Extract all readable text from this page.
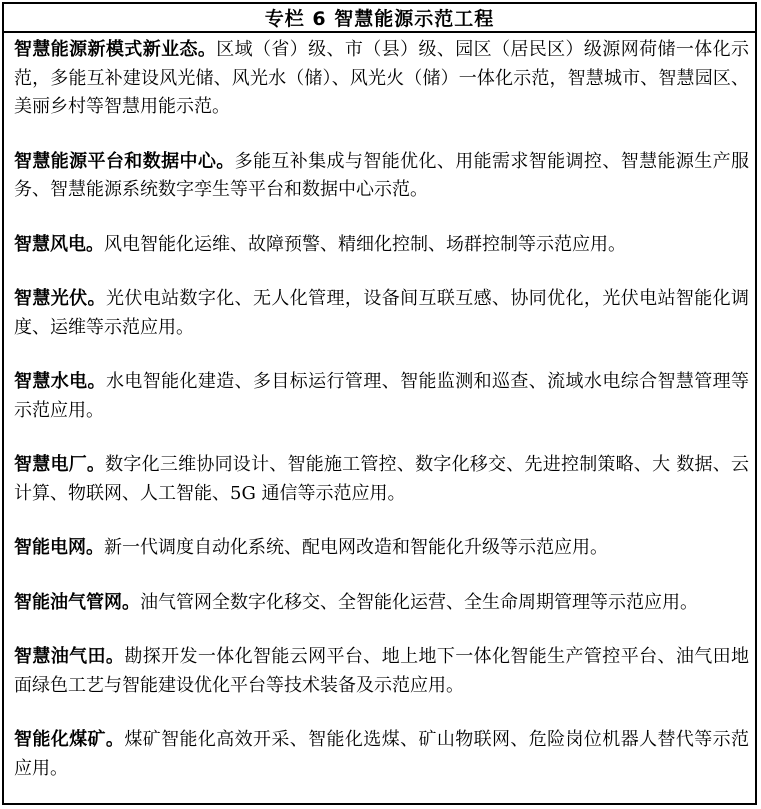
专栏 6 智慧能源示范工程

智慧能源新模式新业态。区域（省）级、市（县）级、园区（居民区）级源网荷储一体化示范，多能互补建设风光储、风光水（储）、风光火（储）一体化示范，智慧城市、智慧园区、美丽乡村等智慧用能示范。

智慧能源平台和数据中心。多能互补集成与智能优化、用能需求智能调控、智慧能源生产服务、智慧能源系统数字孪生等平台和数据中心示范。

智慧风电。风电智能化运维、故障预警、精细化控制、场群控制等示范应用。

智慧光伏。光伏电站数字化、无人化管理，设备间互联互感、协同优化，光伏电站智能化调度、运维等示范应用。

智慧水电。水电智能化建造、多目标运行管理、智能监测和巡查、流域水电综合智慧管理等示范应用。

智慧电厂。数字化三维协同设计、智能施工管控、数字化移交、先进控制策略、大 数据、云计算、物联网、人工智能、5G 通信等示范应用。

智能电网。新一代调度自动化系统、配电网改造和智能化升级等示范应用。

智能油气管网。油气管网全数字化移交、全智能化运营、全生命周期管理等示范应用。

智慧油气田。勘探开发一体化智能云网平台、地上地下一体化智能生产管控平台、油气田地面绿色工艺与智能建设优化平台等技术装备及示范应用。

智能化煤矿。煤矿智能化高效开采、智能化选煤、矿山物联网、危险岗位机器人替代等示范应用。
